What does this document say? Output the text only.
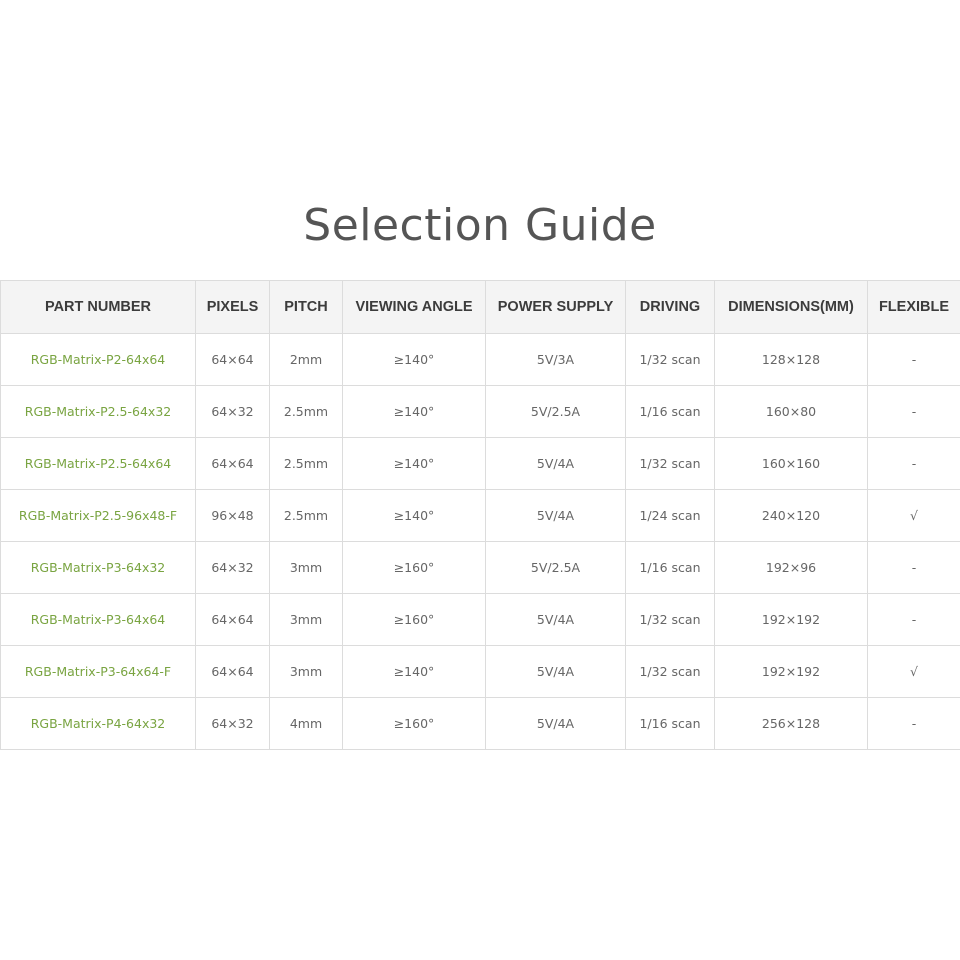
Selection Guide
PART NUMBER	PIXELS	PITCH	VIEWING ANGLE	POWER SUPPLY	DRIVING	DIMENSIONS(MM)	FLEXIBLE
RGB-Matrix-P2-64x64	64×64	2mm	≥140°	5V/3A	1/32 scan	128×128	-
RGB-Matrix-P2.5-64x32	64×32	2.5mm	≥140°	5V/2.5A	1/16 scan	160×80	-
RGB-Matrix-P2.5-64x64	64×64	2.5mm	≥140°	5V/4A	1/32 scan	160×160	-
RGB-Matrix-P2.5-96x48-F	96×48	2.5mm	≥140°	5V/4A	1/24 scan	240×120	√
RGB-Matrix-P3-64x32	64×32	3mm	≥160°	5V/2.5A	1/16 scan	192×96	-
RGB-Matrix-P3-64x64	64×64	3mm	≥160°	5V/4A	1/32 scan	192×192	-
RGB-Matrix-P3-64x64-F	64×64	3mm	≥140°	5V/4A	1/32 scan	192×192	√
RGB-Matrix-P4-64x32	64×32	4mm	≥160°	5V/4A	1/16 scan	256×128	-
